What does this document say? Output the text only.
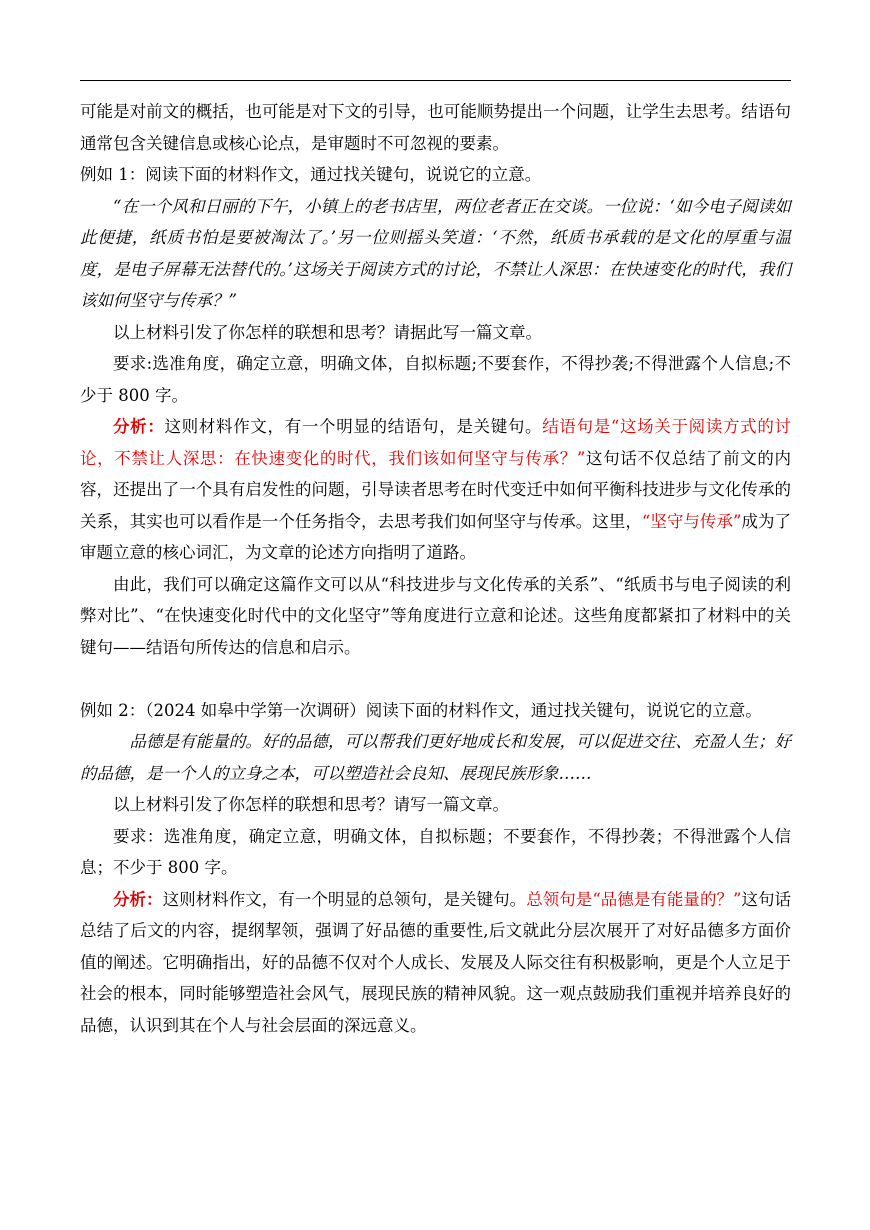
可能是对前文的概括，也可能是对下文的引导，也可能顺势提出一个问题，让学生去思考。结语句通常包含关键信息或核心论点，是审题时不可忽视的要素。

例如 1：阅读下面的材料作文，通过找关键句，说说它的立意。

“在一个风和日丽的下午，小镇上的老书店里，两位老者正在交谈。一位说：‘如今电子阅读如此便捷，纸质书怕是要被淘汰了。’另一位则摇头笑道：‘不然，纸质书承载的是文化的厚重与温度，是电子屏幕无法替代的。’这场关于阅读方式的讨论，不禁让人深思：在快速变化的时代，我们该如何坚守与传承？”

以上材料引发了你怎样的联想和思考？请据此写一篇文章。

要求:选准角度，确定立意，明确文体，自拟标题;不要套作，不得抄袭;不得泄露个人信息;不少于 800 字。

分析：这则材料作文，有一个明显的结语句，是关键句。结语句是“这场关于阅读方式的讨论，不禁让人深思：在快速变化的时代，我们该如何坚守与传承？”这句话不仅总结了前文的内容，还提出了一个具有启发性的问题，引导读者思考在时代变迁中如何平衡科技进步与文化传承的关系，其实也可以看作是一个任务指令，去思考我们如何坚守与传承。这里，“坚守与传承”成为了审题立意的核心词汇，为文章的论述方向指明了道路。

由此，我们可以确定这篇作文可以从“科技进步与文化传承的关系”、“纸质书与电子阅读的利弊对比”、“在快速变化时代中的文化坚守”等角度进行立意和论述。这些角度都紧扣了材料中的关键句——结语句所传达的信息和启示。

例如 2：（2024 如皋中学第一次调研）阅读下面的材料作文，通过找关键句，说说它的立意。

品德是有能量的。好的品德，可以帮我们更好地成长和发展，可以促进交往、充盈人生；好的品德，是一个人的立身之本，可以塑造社会良知、展现民族形象……

以上材料引发了你怎样的联想和思考？请写一篇文章。

要求：选准角度，确定立意，明确文体，自拟标题；不要套作，不得抄袭；不得泄露个人信息；不少于 800 字。

分析：这则材料作文，有一个明显的总领句，是关键句。总领句是“品德是有能量的？”这句话总结了后文的内容，提纲挈领，强调了好品德的重要性,后文就此分层次展开了对好品德多方面价值的阐述。它明确指出，好的品德不仅对个人成长、发展及人际交往有积极影响，更是个人立足于社会的根本，同时能够塑造社会风气，展现民族的精神风貌。这一观点鼓励我们重视并培养良好的品德，认识到其在个人与社会层面的深远意义。
